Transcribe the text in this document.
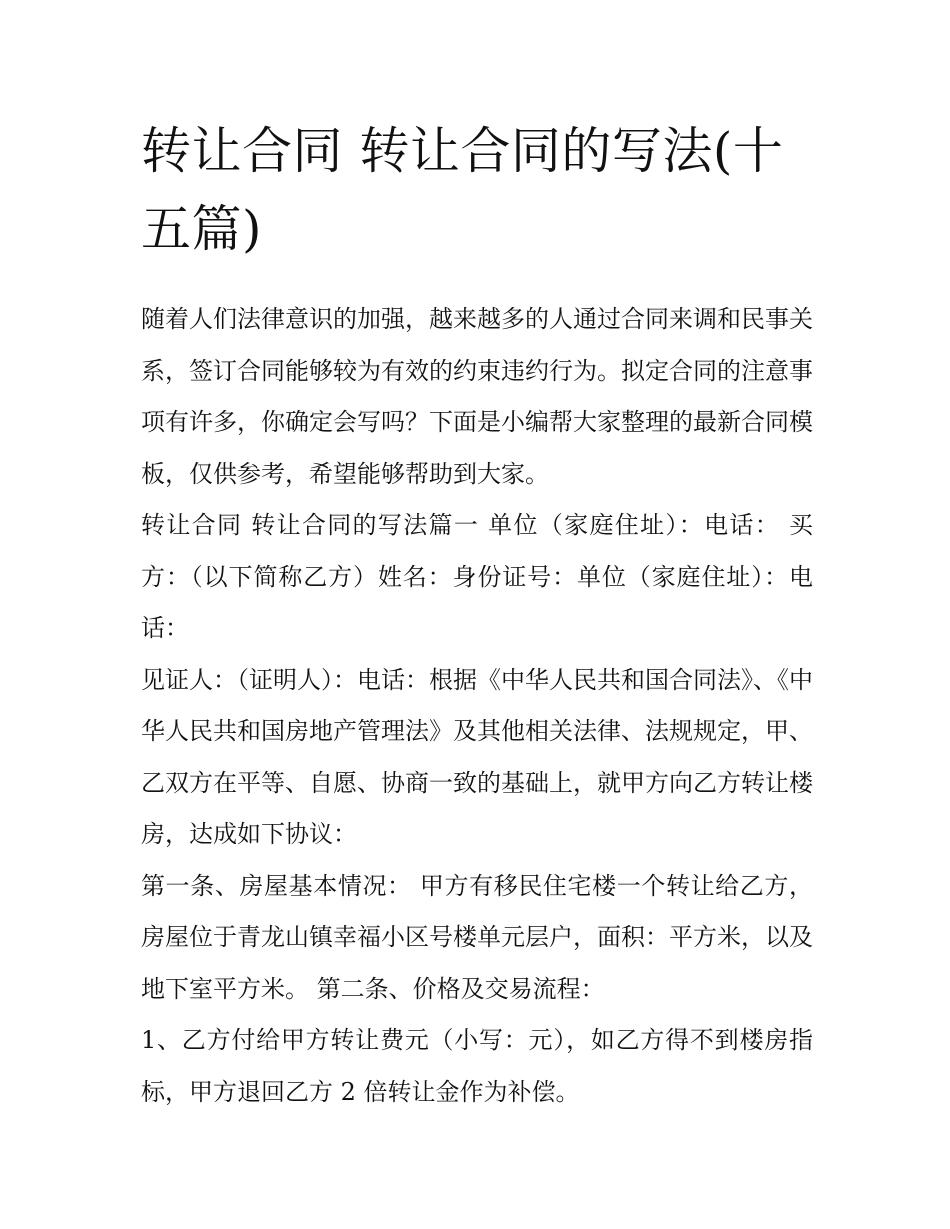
转让合同 转让合同的写法(十五篇)

随着人们法律意识的加强，越来越多的人通过合同来调和民事关系，签订合同能够较为有效的约束违约行为。拟定合同的注意事项有许多，你确定会写吗？下面是小编帮大家整理的最新合同模板，仅供参考，希望能够帮助到大家。

转让合同 转让合同的写法篇一 单位（家庭住址）：电话： 买方：（以下简称乙方）姓名：身份证号：单位（家庭住址）：电话：

见证人：（证明人）：电话：根据《中华人民共和国合同法》、《中华人民共和国房地产管理法》及其他相关法律、法规规定，甲、乙双方在平等、自愿、协商一致的基础上，就甲方向乙方转让楼房，达成如下协议：

第一条、房屋基本情况： 甲方有移民住宅楼一个转让给乙方，房屋位于青龙山镇幸福小区号楼单元层户，面积：平方米，以及地下室平方米。 第二条、价格及交易流程：

1、乙方付给甲方转让费元（小写：元），如乙方得不到楼房指标，甲方退回乙方 2 倍转让金作为补偿。
